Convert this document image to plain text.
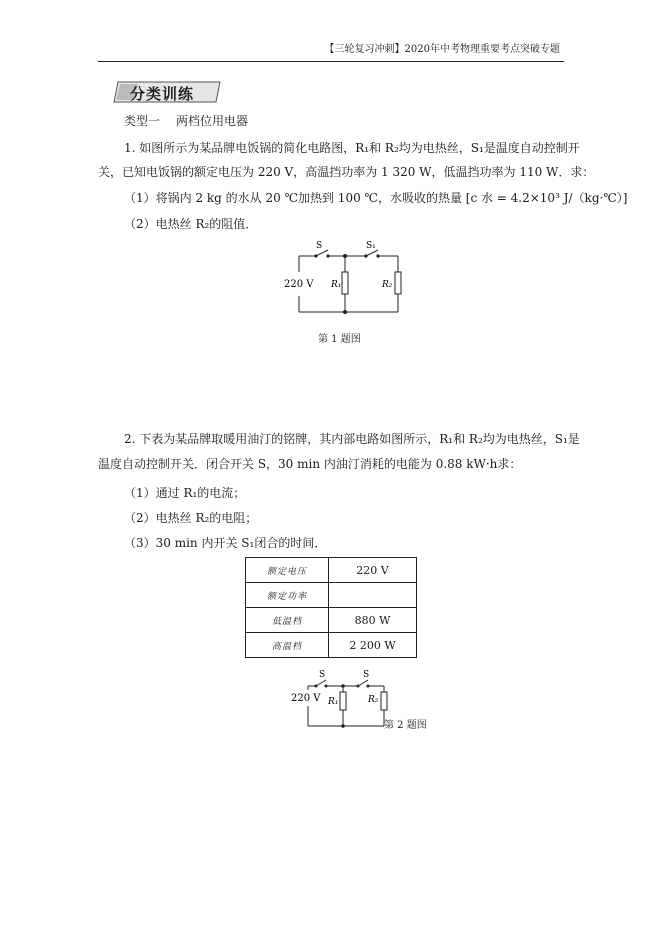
【三轮复习冲刺】2020年中考物理重要考点突破专题
分类训练
类型一 两档位用电器
1. 如图所示为某品牌电饭锅的简化电路图，R₁和 R₂均为电热丝，S₁是温度自动控制开
关，已知电饭锅的额定电压为 220 V，高温挡功率为 1 320 W，低温挡功率为 110 W．求：
（1）将锅内 2 kg 的水从 20 ℃加热到 100 ℃，水吸收的热量 [c 水 = 4.2×10³ J/（kg·℃）]
（2）电热丝 R₂的阻值．
S	S₁
220 V R₁	R₂
第 1 题图
2. 下表为某品牌取暖用油汀的铭牌，其内部电路如图所示，R₁和 R₂均为电热丝，S₁是
温度自动控制开关．闭合开关 S，30 min 内油汀消耗的电能为 0.88 kW·h求：
（1）通过 R₁的电流；
（2）电热丝 R₂的电阻；
（3）30 min 内开关 S₁闭合的时间．
额定电压	220 V
额定功率	
低温档	880 W
高温档	2 200 W
S	S
220 V R₁	R₂
第 2 题图
